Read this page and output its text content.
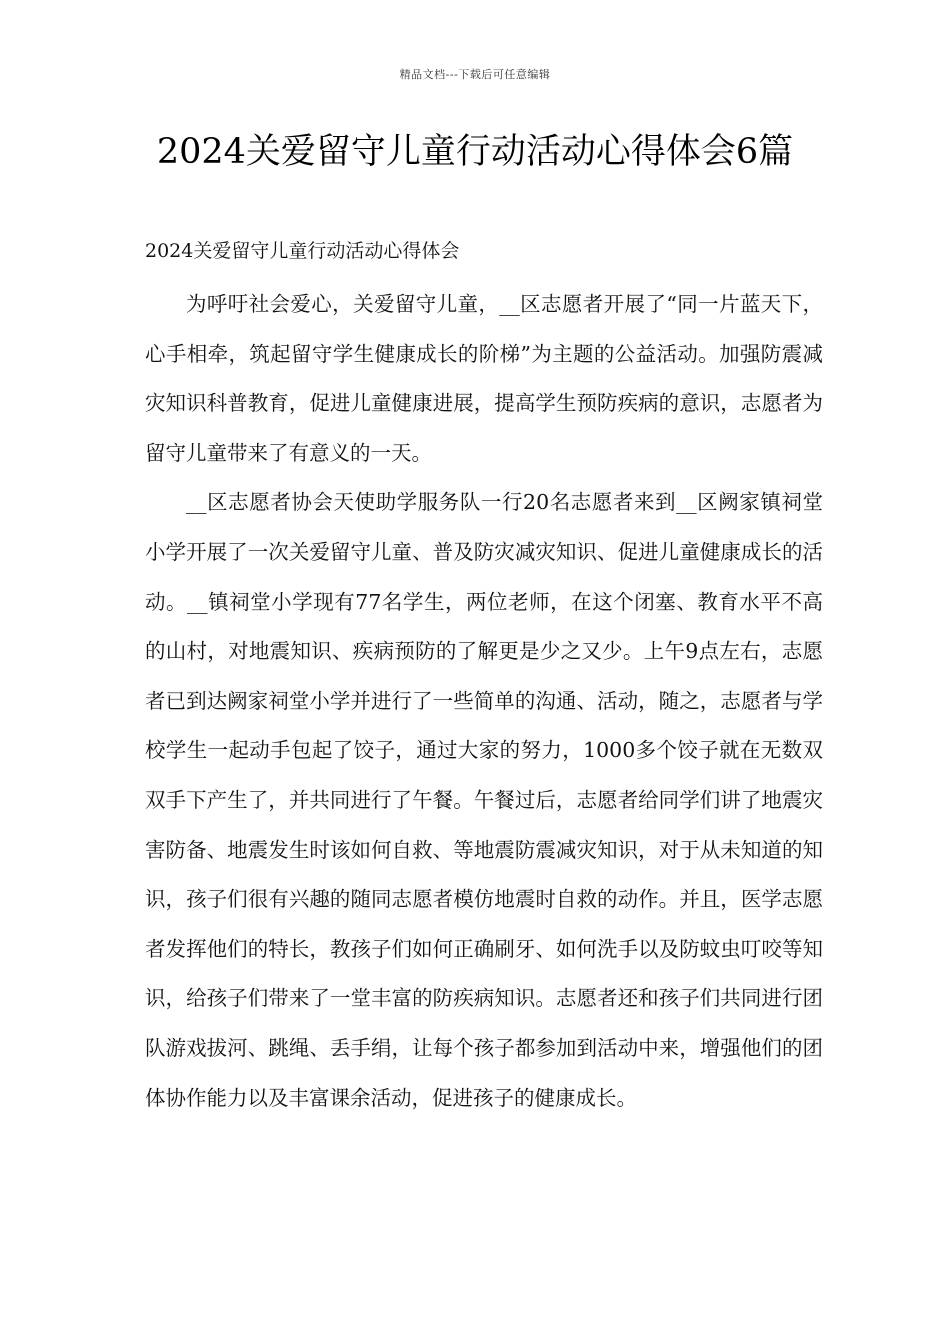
精品文档---下载后可任意编辑
2024关爱留守儿童行动活动心得体会6篇
2024关爱留守儿童行动活动心得体会

为呼吁社会爱心，关爱留守儿童，__区志愿者开展了“同一片蓝天下，心手相牵，筑起留守学生健康成长的阶梯”为主题的公益活动。加强防震减灾知识科普教育，促进儿童健康进展，提高学生预防疾病的意识，志愿者为留守儿童带来了有意义的一天。

__区志愿者协会天使助学服务队一行20名志愿者来到__区阙家镇祠堂小学开展了一次关爱留守儿童、普及防灾减灾知识、促进儿童健康成长的活动。__镇祠堂小学现有77名学生，两位老师，在这个闭塞、教育水平不高的山村，对地震知识、疾病预防的了解更是少之又少。上午9点左右，志愿者已到达阙家祠堂小学并进行了一些简单的沟通、活动，随之，志愿者与学校学生一起动手包起了饺子，通过大家的努力，1000多个饺子就在无数双双手下产生了，并共同进行了午餐。午餐过后，志愿者给同学们讲了地震灾害防备、地震发生时该如何自救、等地震防震减灾知识，对于从未知道的知识，孩子们很有兴趣的随同志愿者模仿地震时自救的动作。并且，医学志愿者发挥他们的特长，教孩子们如何正确刷牙、如何洗手以及防蚊虫叮咬等知识，给孩子们带来了一堂丰富的防疾病知识。志愿者还和孩子们共同进行团队游戏拔河、跳绳、丢手绢，让每个孩子都参加到活动中来，增强他们的团体协作能力以及丰富课余活动，促进孩子的健康成长。
